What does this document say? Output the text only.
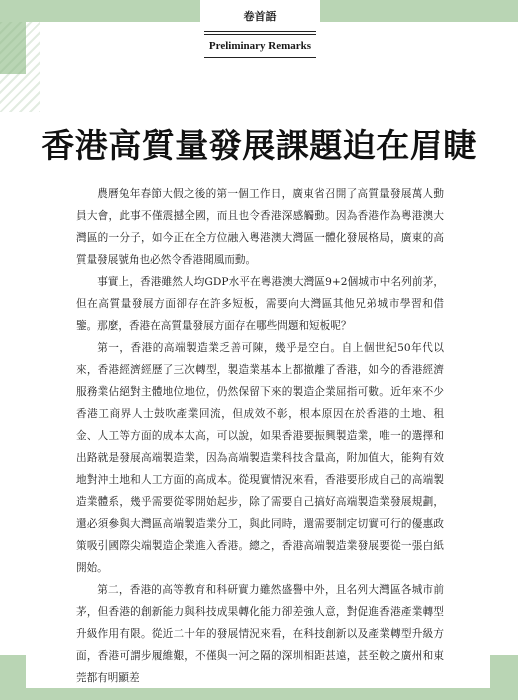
卷首語
Preliminary Remarks
香港高質量發展課題迫在眉睫

農曆兔年春節大假之後的第一個工作日，廣東省召開了高質量發展萬人動員大會，此事不僅震撼全國，而且也令香港深感觸動。因為香港作為粵港澳大灣區的一分子，如今正在全方位融入粵港澳大灣區一體化發展格局，廣東的高質量發展號角也必然令香港聞風而動。

事實上，香港雖然人均GDP水平在粵港澳大灣區9+2個城市中名列前茅，但在高質量發展方面卻存在許多短板，需要向大灣區其他兄弟城市學習和借鑒。那麼，香港在高質量發展方面存在哪些問題和短板呢？

第一，香港的高端製造業乏善可陳，幾乎是空白。自上個世紀50年代以來，香港經濟經歷了三次轉型，製造業基本上都撤離了香港，如今的香港經濟服務業佔絕對主體地位地位，仍然保留下來的製造企業屈指可數。近年來不少香港工商界人士鼓吹產業回流，但成效不彰，根本原因在於香港的土地、租金、人工等方面的成本太高，可以說，如果香港要振興製造業，唯一的選擇和出路就是發展高端製造業，因為高端製造業科技含量高，附加值大，能夠有效地對沖土地和人工方面的高成本。從現實情況來看，香港要形成自己的高端製造業體系，幾乎需要從零開始起步，除了需要自己搞好高端製造業發展規劃，還必須參與大灣區高端製造業分工，與此同時，還需要制定切實可行的優惠政策吸引國際尖端製造企業進入香港。總之，香港高端製造業發展要從一張白紙開始。

第二，香港的高等教育和科研實力雖然盛譽中外，且名列大灣區各城市前茅，但香港的創新能力與科技成果轉化能力卻差強人意，對促進香港產業轉型升級作用有限。從近二十年的發展情況來看，在科技創新以及產業轉型升級方面，香港可謂步履維艱，不僅與一河之隔的深圳相距甚遠，甚至較之廣州和東莞都有明顯差
